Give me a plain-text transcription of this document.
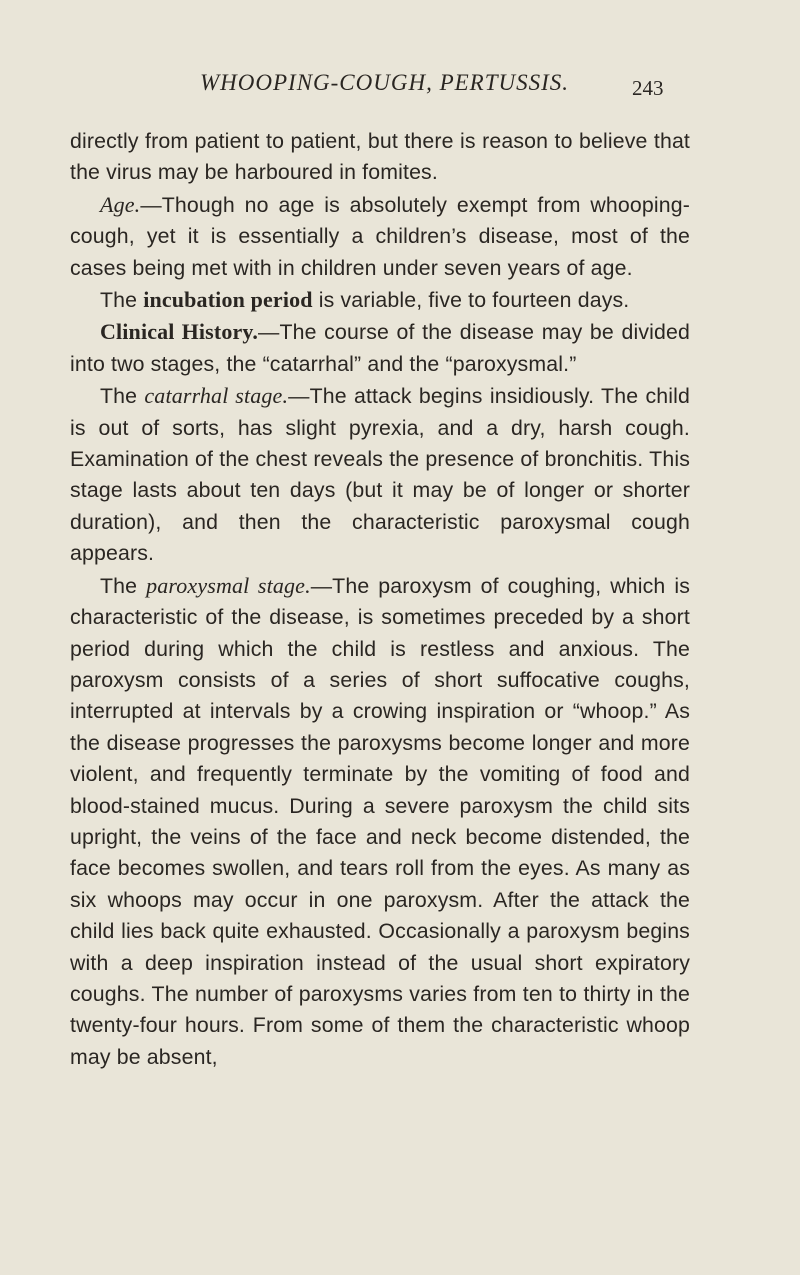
WHOOPING-COUGH, PERTUSSIS.	243

directly from patient to patient, but there is reason to believe that the virus may be harboured in fomites.

Age.—Though no age is absolutely exempt from whooping-cough, yet it is essentially a children’s disease, most of the cases being met with in children under seven years of age.

The incubation period is variable, five to fourteen days.

Clinical History.—The course of the disease may be divided into two stages, the “catarrhal” and the “paroxysmal.”

The catarrhal stage.—The attack begins insidiously. The child is out of sorts, has slight pyrexia, and a dry, harsh cough. Examination of the chest reveals the presence of bronchitis. This stage lasts about ten days (but it may be of longer or shorter duration), and then the characteristic paroxysmal cough appears.

The paroxysmal stage.—The paroxysm of coughing, which is characteristic of the disease, is sometimes preceded by a short period during which the child is restless and anxious. The paroxysm consists of a series of short suffocative coughs, interrupted at intervals by a crowing inspiration or “whoop.” As the disease progresses the paroxysms become longer and more violent, and frequently terminate by the vomiting of food and blood-stained mucus. During a severe paroxysm the child sits upright, the veins of the face and neck become distended, the face becomes swollen, and tears roll from the eyes. As many as six whoops may occur in one paroxysm. After the attack the child lies back quite exhausted. Occasionally a paroxysm begins with a deep inspiration instead of the usual short expiratory coughs. The number of paroxysms varies from ten to thirty in the twenty-four hours. From some of them the characteristic whoop may be absent,
